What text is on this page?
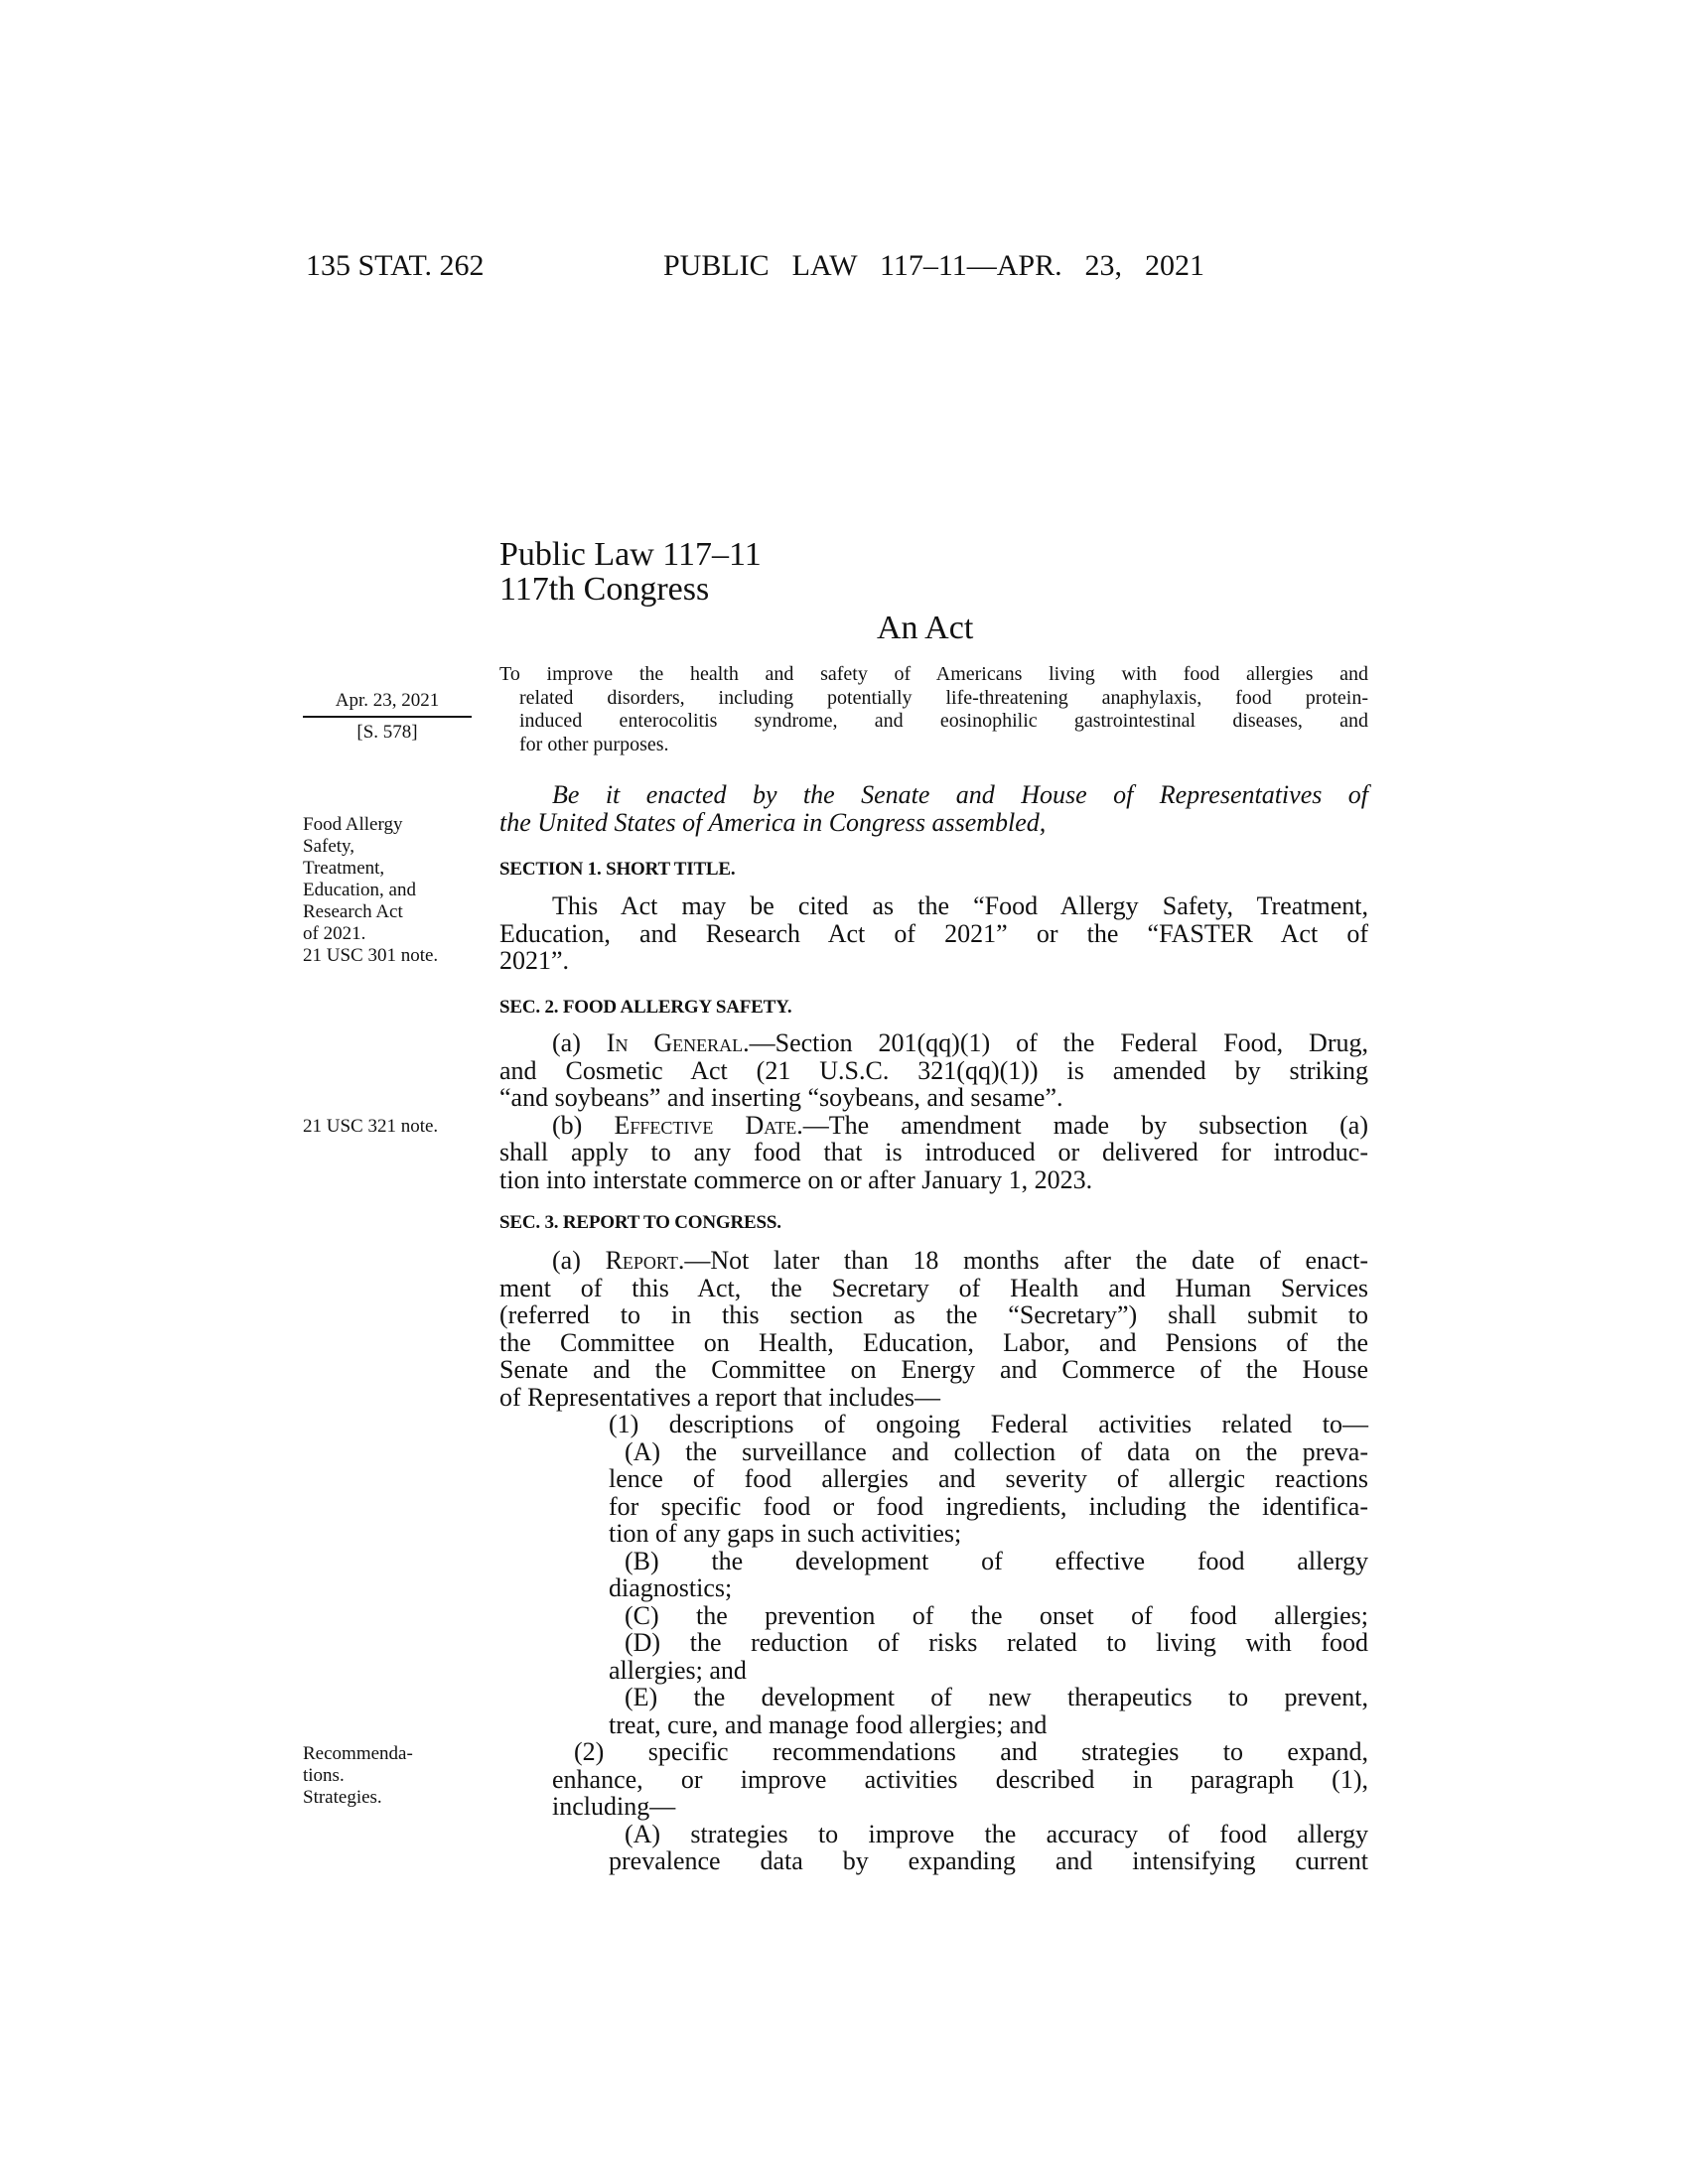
135 STAT. 262	PUBLIC LAW 117–11—APR. 23, 2021
Public Law 117–11
117th Congress
An Act
To improve the health and safety of Americans living with food allergies and
related disorders, including potentially life-threatening anaphylaxis, food protein-
induced enterocolitis syndrome, and eosinophilic gastrointestinal diseases, and
for other purposes.
Apr. 23, 2021
[S. 578]
Food Allergy
Safety,
Treatment,
Education, and
Research Act
of 2021.
21 USC 301 note.
21 USC 321 note.
Recommenda-
tions.
Strategies.
Be it enacted by the Senate and House of Representatives of
the United States of America in Congress assembled,
SECTION 1. SHORT TITLE.
This Act may be cited as the “Food Allergy Safety, Treatment,
Education, and Research Act of 2021” or the “FASTER Act of
2021”.
SEC. 2. FOOD ALLERGY SAFETY.
(a) In General.—Section 201(qq)(1) of the Federal Food, Drug,
and Cosmetic Act (21 U.S.C. 321(qq)(1)) is amended by striking
“and soybeans” and inserting “soybeans, and sesame”.
(b) Effective Date.—The amendment made by subsection (a)
shall apply to any food that is introduced or delivered for introduc-
tion into interstate commerce on or after January 1, 2023.
SEC. 3. REPORT TO CONGRESS.
(a) Report.—Not later than 18 months after the date of enact-
ment of this Act, the Secretary of Health and Human Services
(referred to in this section as the “Secretary”) shall submit to
the Committee on Health, Education, Labor, and Pensions of the
Senate and the Committee on Energy and Commerce of the House
of Representatives a report that includes—
(1) descriptions of ongoing Federal activities related to—
(A) the surveillance and collection of data on the preva-
lence of food allergies and severity of allergic reactions
for specific food or food ingredients, including the identifica-
tion of any gaps in such activities;
(B) the development of effective food allergy
diagnostics;
(C) the prevention of the onset of food allergies;
(D) the reduction of risks related to living with food
allergies; and
(E) the development of new therapeutics to prevent,
treat, cure, and manage food allergies; and
(2) specific recommendations and strategies to expand,
enhance, or improve activities described in paragraph (1),
including—
(A) strategies to improve the accuracy of food allergy
prevalence data by expanding and intensifying current
